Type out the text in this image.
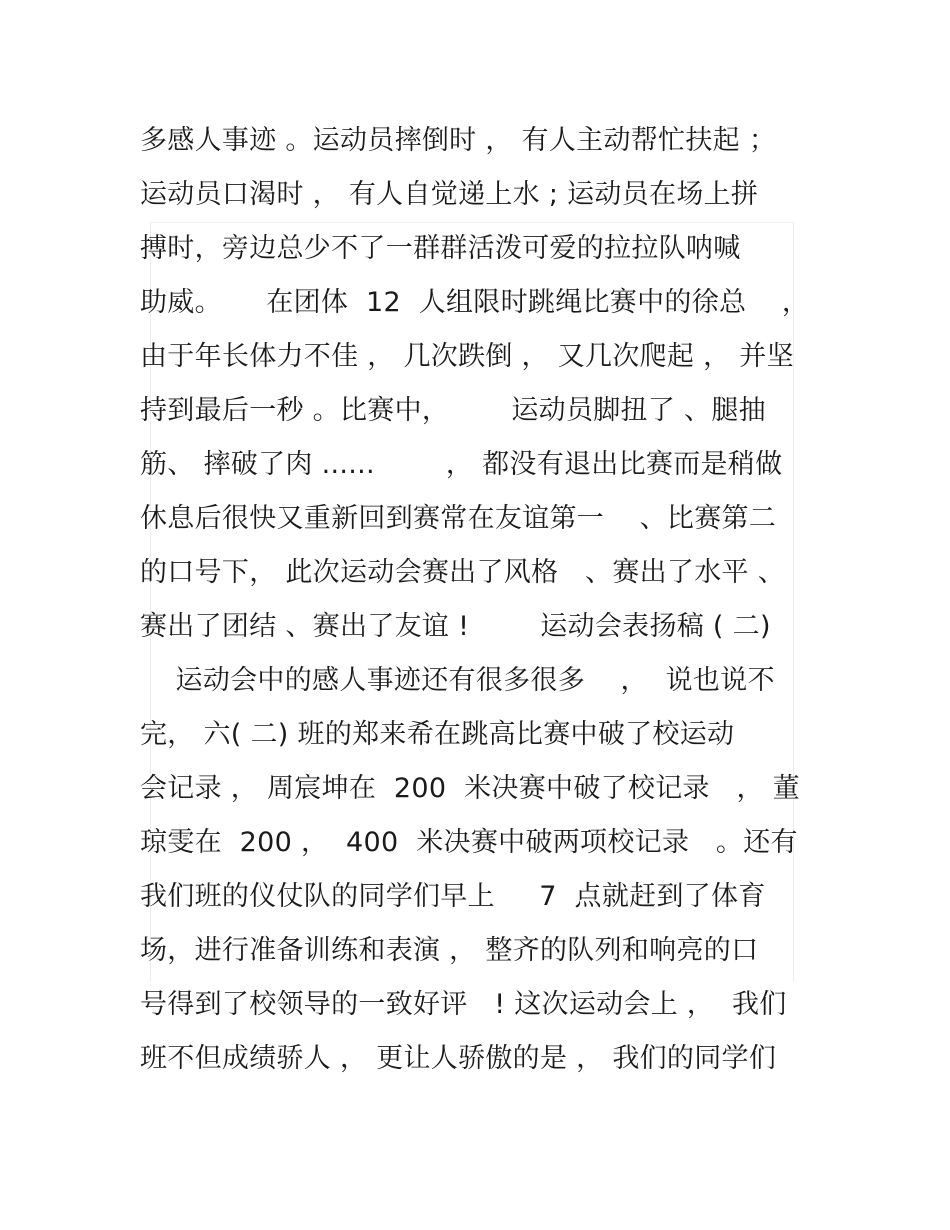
多感人事迹 。运动员摔倒时 ， 有人主动帮忙扶起 ；
运动员口渴时 ， 有人自觉递上水 ; 运动员在场上拼
搏时，旁边总少不了一群群活泼可爱的拉拉队呐喊
助威。     在团体  12  人组限时跳绳比赛中的徐总    ，
由于年长体力不佳 ， 几次跌倒 ， 又几次爬起 ， 并坚
持到最后一秒 。比赛中，       运动员脚扭了 、腿抽
筋、 摔破了肉 ......        ， 都没有退出比赛而是稍做
休息后很快又重新回到赛常在友谊第一    、比赛第二
的口号下， 此次运动会赛出了风格   、赛出了水平 、
赛出了团结 、赛出了友谊 !        运动会表扬稿 ( 二)
运动会中的感人事迹还有很多很多    ，  说也说不
完， 六( 二) 班的郑来希在跳高比赛中破了校运动
会记录 ， 周宸坤在  200  米决赛中破了校记录   ， 董
琼雯在  200 ，  400  米决赛中破两项校记录   。还有
我们班的仪仗队的同学们早上     7  点就赶到了体育
场，进行准备训练和表演 ， 整齐的队列和响亮的口
号得到了校领导的一致好评   ! 这次运动会上 ，  我们
班不但成绩骄人 ， 更让人骄傲的是 ， 我们的同学们
